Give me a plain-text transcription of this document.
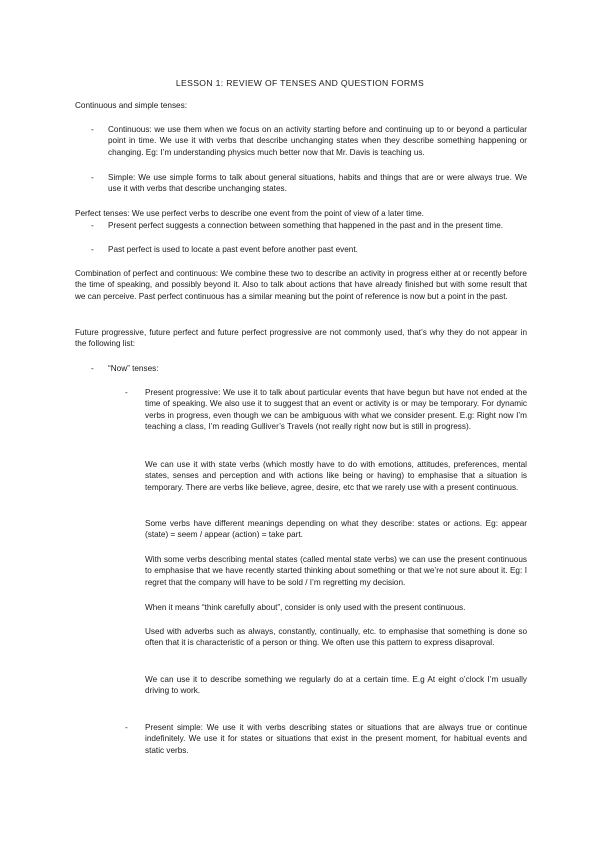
LESSON 1: REVIEW OF TENSES AND QUESTION FORMS

Continuous and simple tenses:

- Continuous: we use them when we focus on an activity starting before and continuing up to or beyond a particular point in time. We use it with verbs that describe unchanging states when they describe something happening or changing. Eg: I’m understanding physics much better now that Mr. Davis is teaching us.

- Simple: We use simple forms to talk about general situations, habits and things that are or were always true. We use it with verbs that describe unchanging states.

Perfect tenses: We use perfect verbs to describe one event from the point of view of a later time.

- Present perfect suggests a connection between something that happened in the past and in the present time.

- Past perfect is used to locate a past event before another past event.

Combination of perfect and continuous: We combine these two to describe an activity in progress either at or recently before the time of speaking, and possibly beyond it. Also to talk about actions that have already finished but with some result that we can perceive. Past perfect continuous has a similar meaning but the point of reference is now but a point in the past.

Future progressive, future perfect and future perfect progressive are not commonly used, that’s why they do not appear in the following list:

- “Now” tenses:

- Present progressive: We use it to talk about particular events that have begun but have not ended at the time of speaking. We also use it to suggest that an event or activity is or may be temporary. For dynamic verbs in progress, even though we can be ambiguous with what we consider present. E.g: Right now I’m teaching a class, I’m reading Gulliver’s Travels (not really right now but is still in progress).

We can use it with state verbs (which mostly have to do with emotions, attitudes, preferences, mental states, senses and perception and with actions like being or having) to emphasise that a situation is temporary. There are verbs like believe, agree, desire, etc that we rarely use with a present continuous.

Some verbs have different meanings depending on what they describe: states or actions. Eg: appear (state) = seem / appear (action) = take part.

With some verbs describing mental states (called mental state verbs) we can use the present continuous to emphasise that we have recently started thinking about something or that we’re not sure about it. Eg: I regret that the company will have to be sold / I’m regretting my decision.

When it means “think carefully about”, consider is only used with the present continuous.

Used with adverbs such as always, constantly, continually, etc. to emphasise that something is done so often that it is characteristic of a person or thing. We often use this pattern to express disaproval.

We can use it to describe something we regularly do at a certain time. E.g At eight o’clock I’m usually driving to work.

- Present simple: We use it with verbs describing states or situations that are always true or continue indefinitely. We use it for states or situations that exist in the present moment, for habitual events and static verbs.
